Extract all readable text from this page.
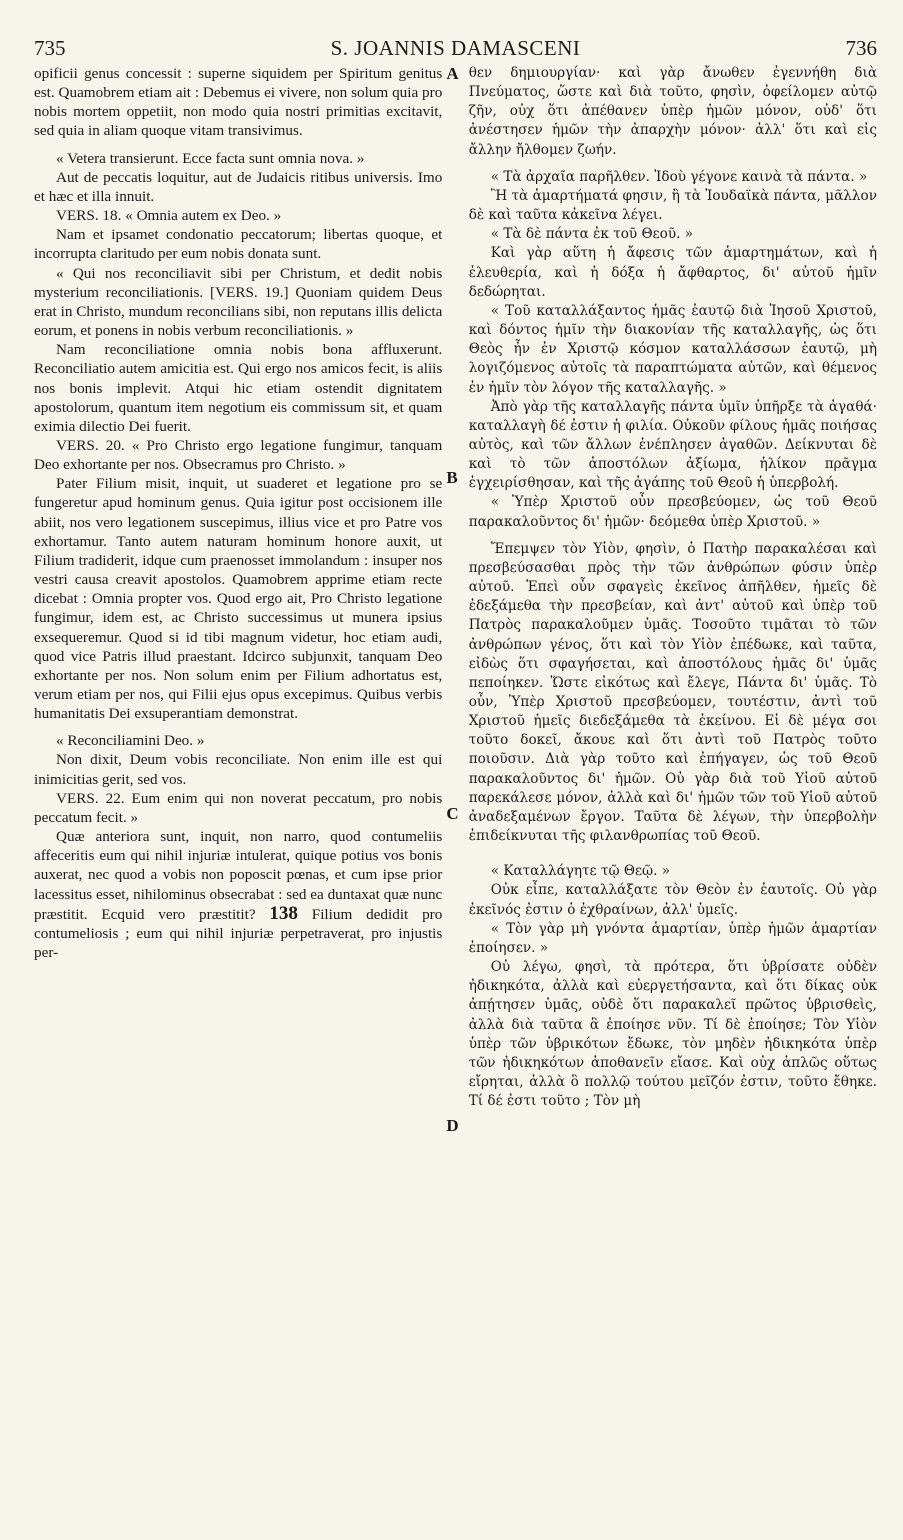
735	S. JOANNIS DAMASCENI	736

opificii genus concessit : superne siquidem per Spiritum genitus est. Quamobrem etiam ait : Debemus ei vivere, non solum quia pro nobis mortem oppetiit, non modo quia nostri primitias excitavit, sed quia in aliam quoque vitam transivimus.

« Vetera transierunt. Ecce facta sunt omnia nova. »

Aut de peccatis loquitur, aut de Judaicis ritibus universis. Imo et hæc et illa innuit.

VERS. 18. « Omnia autem ex Deo. »

Nam et ipsamet condonatio peccatorum; libertas quoque, et incorrupta claritudo per eum nobis donata sunt.

« Qui nos reconciliavit sibi per Christum, et dedit nobis mysterium reconciliationis. [VERS. 19.] Quoniam quidem Deus erat in Christo, mundum reconcilians sibi, non reputans illis delicta eorum, et ponens in nobis verbum reconciliationis. »

Nam reconciliatione omnia nobis bona affluxerunt. Reconciliatio autem amicitia est. Qui ergo nos amicos fecit, is aliis nos bonis implevit. Atqui hic etiam ostendit dignitatem apostolorum, quantum item negotium eis commissum sit, et quam eximia dilectio Dei fuerit.

VERS. 20. « Pro Christo ergo legatione fungimur, tanquam Deo exhortante per nos. Obsecramus pro Christo. »

Pater Filium misit, inquit, ut suaderet et legatione pro se fungeretur apud hominum genus. Quia igitur post occisionem ille abiit, nos vero legationem suscepimus, illius vice et pro Patre vos exhortamur. Tanto autem naturam hominum honore auxit, ut Filium tradiderit, idque cum praenosset immolandum : insuper nos vestri causa creavit apostolos. Quamobrem apprime etiam recte dicebat : Omnia propter vos. Quod ergo ait, Pro Christo legatione fungimur, idem est, ac Christo successimus ut munera ipsius exsequeremur. Quod si id tibi magnum videtur, hoc etiam audi, quod vice Patris illud praestant. Idcirco subjunxit, tanquam Deo exhortante per nos. Non solum enim per Filium adhortatus est, verum etiam per nos, qui Filii ejus opus excepimus. Quibus verbis humanitatis Dei exsuperantiam demonstrat.

« Reconciliamini Deo. »

Non dixit, Deum vobis reconciliate. Non enim ille est qui inimicitias gerit, sed vos.

VERS. 22. Eum enim qui non noverat peccatum, pro nobis peccatum fecit. »

Quæ anteriora sunt, inquit, non narro, quod contumeliis affeceritis eum qui nihil injuriæ intulerat, quique potius vos bonis auxerat, nec quod a vobis non poposcit pœnas, et cum ipse prior lacessitus esset, nihilominus obsecrabat : sed ea duntaxat quæ nunc præstitit. Ecquid vero præstitit? 138 Filium dedidit pro contumeliosis ; eum qui nihil injuriæ perpetraverat, pro injustis per-

A
B
C
D

θεν δημιουργίαν· καὶ γὰρ ἄνωθεν ἐγεννήθη διὰ Πνεύματος, ὥστε καὶ διὰ τοῦτο, φησὶν, ὀφείλομεν αὐτῷ ζῆν, οὐχ ὅτι ἀπέθανεν ὑπὲρ ἡμῶν μόνον, οὐδ' ὅτι ἀνέστησεν ἡμῶν τὴν ἀπαρχὴν μόνον· ἀλλ' ὅτι καὶ εἰς ἄλλην ἤλθομεν ζωήν.

« Τὰ ἀρχαῖα παρῆλθεν. Ἰδοὺ γέγονε καινὰ τὰ πάντα. »

Ἢ τὰ ἁμαρτήματά φησιν, ἢ τὰ Ἰουδαϊκὰ πάντα, μᾶλλον δὲ καὶ ταῦτα κἀκεῖνα λέγει.

« Τὰ δὲ πάντα ἐκ τοῦ Θεοῦ. »

Καὶ γὰρ αὕτη ἡ ἄφεσις τῶν ἁμαρτημάτων, καὶ ἡ ἐλευθερία, καὶ ἡ δόξα ἡ ἄφθαρτος, δι' αὐτοῦ ἡμῖν δεδώρηται.

« Τοῦ καταλλάξαντος ἡμᾶς ἑαυτῷ διὰ Ἰησοῦ Χριστοῦ, καὶ δόντος ἡμῖν τὴν διακονίαν τῆς καταλλαγῆς, ὡς ὅτι Θεὸς ἦν ἐν Χριστῷ κόσμον καταλλάσσων ἑαυτῷ, μὴ λογιζόμενος αὐτοῖς τὰ παραπτώματα αὐτῶν, καὶ θέμενος ἐν ἡμῖν τὸν λόγον τῆς καταλλαγῆς. »

Ἀπὸ γὰρ τῆς καταλλαγῆς πάντα ὑμῖν ὑπῆρξε τὰ ἀγαθά· καταλλαγὴ δέ ἐστιν ἡ φιλία. Οὐκοῦν φίλους ἡμᾶς ποιήσας αὐτὸς, καὶ τῶν ἄλλων ἐνέπλησεν ἀγαθῶν. Δείκνυται δὲ καὶ τὸ τῶν ἀποστόλων ἀξίωμα, ἡλίκον πρᾶγμα ἐγχειρίσθησαν, καὶ τῆς ἀγάπης τοῦ Θεοῦ ἡ ὑπερβολή.

« Ὑπὲρ Χριστοῦ οὖν πρεσβεύομεν, ὡς τοῦ Θεοῦ παρακαλοῦντος δι' ἡμῶν· δεόμεθα ὑπὲρ Χριστοῦ. »

Ἔπεμψεν τὸν Υἱὸν, φησὶν, ὁ Πατὴρ παρακαλέσαι καὶ πρεσβεύσασθαι πρὸς τὴν τῶν ἀνθρώπων φύσιν ὑπὲρ αὐτοῦ. Ἐπεὶ οὖν σφαγεὶς ἐκεῖνος ἀπῆλθεν, ἡμεῖς δὲ ἐδεξάμεθα τὴν πρεσβείαν, καὶ ἀντ' αὐτοῦ καὶ ὑπὲρ τοῦ Πατρὸς παρακαλοῦμεν ὑμᾶς. Τοσοῦτο τιμᾶται τὸ τῶν ἀνθρώπων γένος, ὅτι καὶ τὸν Υἱὸν ἐπέδωκε, καὶ ταῦτα, εἰδὼς ὅτι σφαγήσεται, καὶ ἀποστόλους ἡμᾶς δι' ὑμᾶς πεποίηκεν. Ὥστε εἰκότως καὶ ἔλεγε, Πάντα δι' ὑμᾶς. Τὸ οὖν, Ὑπὲρ Χριστοῦ πρεσβεύομεν, τουτέστιν, ἀντὶ τοῦ Χριστοῦ ἡμεῖς διεδεξάμεθα τὰ ἐκείνου. Εἰ δὲ μέγα σοι τοῦτο δοκεῖ, ἄκουε καὶ ὅτι ἀντὶ τοῦ Πατρὸς τοῦτο ποιοῦσιν. Διὰ γὰρ τοῦτο καὶ ἐπήγαγεν, ὡς τοῦ Θεοῦ παρακαλοῦντος δι' ἡμῶν. Οὐ γὰρ διὰ τοῦ Υἱοῦ αὐτοῦ παρεκάλεσε μόνον, ἀλλὰ καὶ δι' ἡμῶν τῶν τοῦ Υἱοῦ αὐτοῦ ἀναδεξαμένων ἔργον. Ταῦτα δὲ λέγων, τὴν ὑπερβολὴν ἐπιδείκνυται τῆς φιλανθρωπίας τοῦ Θεοῦ.

« Καταλλάγητε τῷ Θεῷ. »

Οὐκ εἶπε, καταλλάξατε τὸν Θεὸν ἐν ἑαυτοῖς. Οὐ γὰρ ἐκεῖνός ἐστιν ὁ ἐχθραίνων, ἀλλ' ὑμεῖς.

« Τὸν γὰρ μὴ γνόντα ἁμαρτίαν, ὑπὲρ ἡμῶν ἁμαρτίαν ἐποίησεν. »

Οὐ λέγω, φησὶ, τὰ πρότερα, ὅτι ὑβρίσατε οὐδὲν ἠδικηκότα, ἀλλὰ καὶ εὐεργετήσαντα, καὶ ὅτι δίκας οὐκ ἀπῄτησεν ὑμᾶς, οὐδὲ ὅτι παρακαλεῖ πρῶτος ὑβρισθεὶς, ἀλλὰ διὰ ταῦτα ἃ ἐποίησε νῦν. Τί δὲ ἐποίησε; Τὸν Υἱὸν ὑπὲρ τῶν ὑβρικότων ἔδωκε, τὸν μηδὲν ἠδικηκότα ὑπὲρ τῶν ἠδικηκότων ἀποθανεῖν εἴασε. Καὶ οὐχ ἁπλῶς οὕτως εἴρηται, ἀλλὰ ὃ πολλῷ τούτου μεῖζόν ἐστιν, τοῦτο ἔθηκε. Τί δέ ἐστι τοῦτο ; Τὸν μὴ
